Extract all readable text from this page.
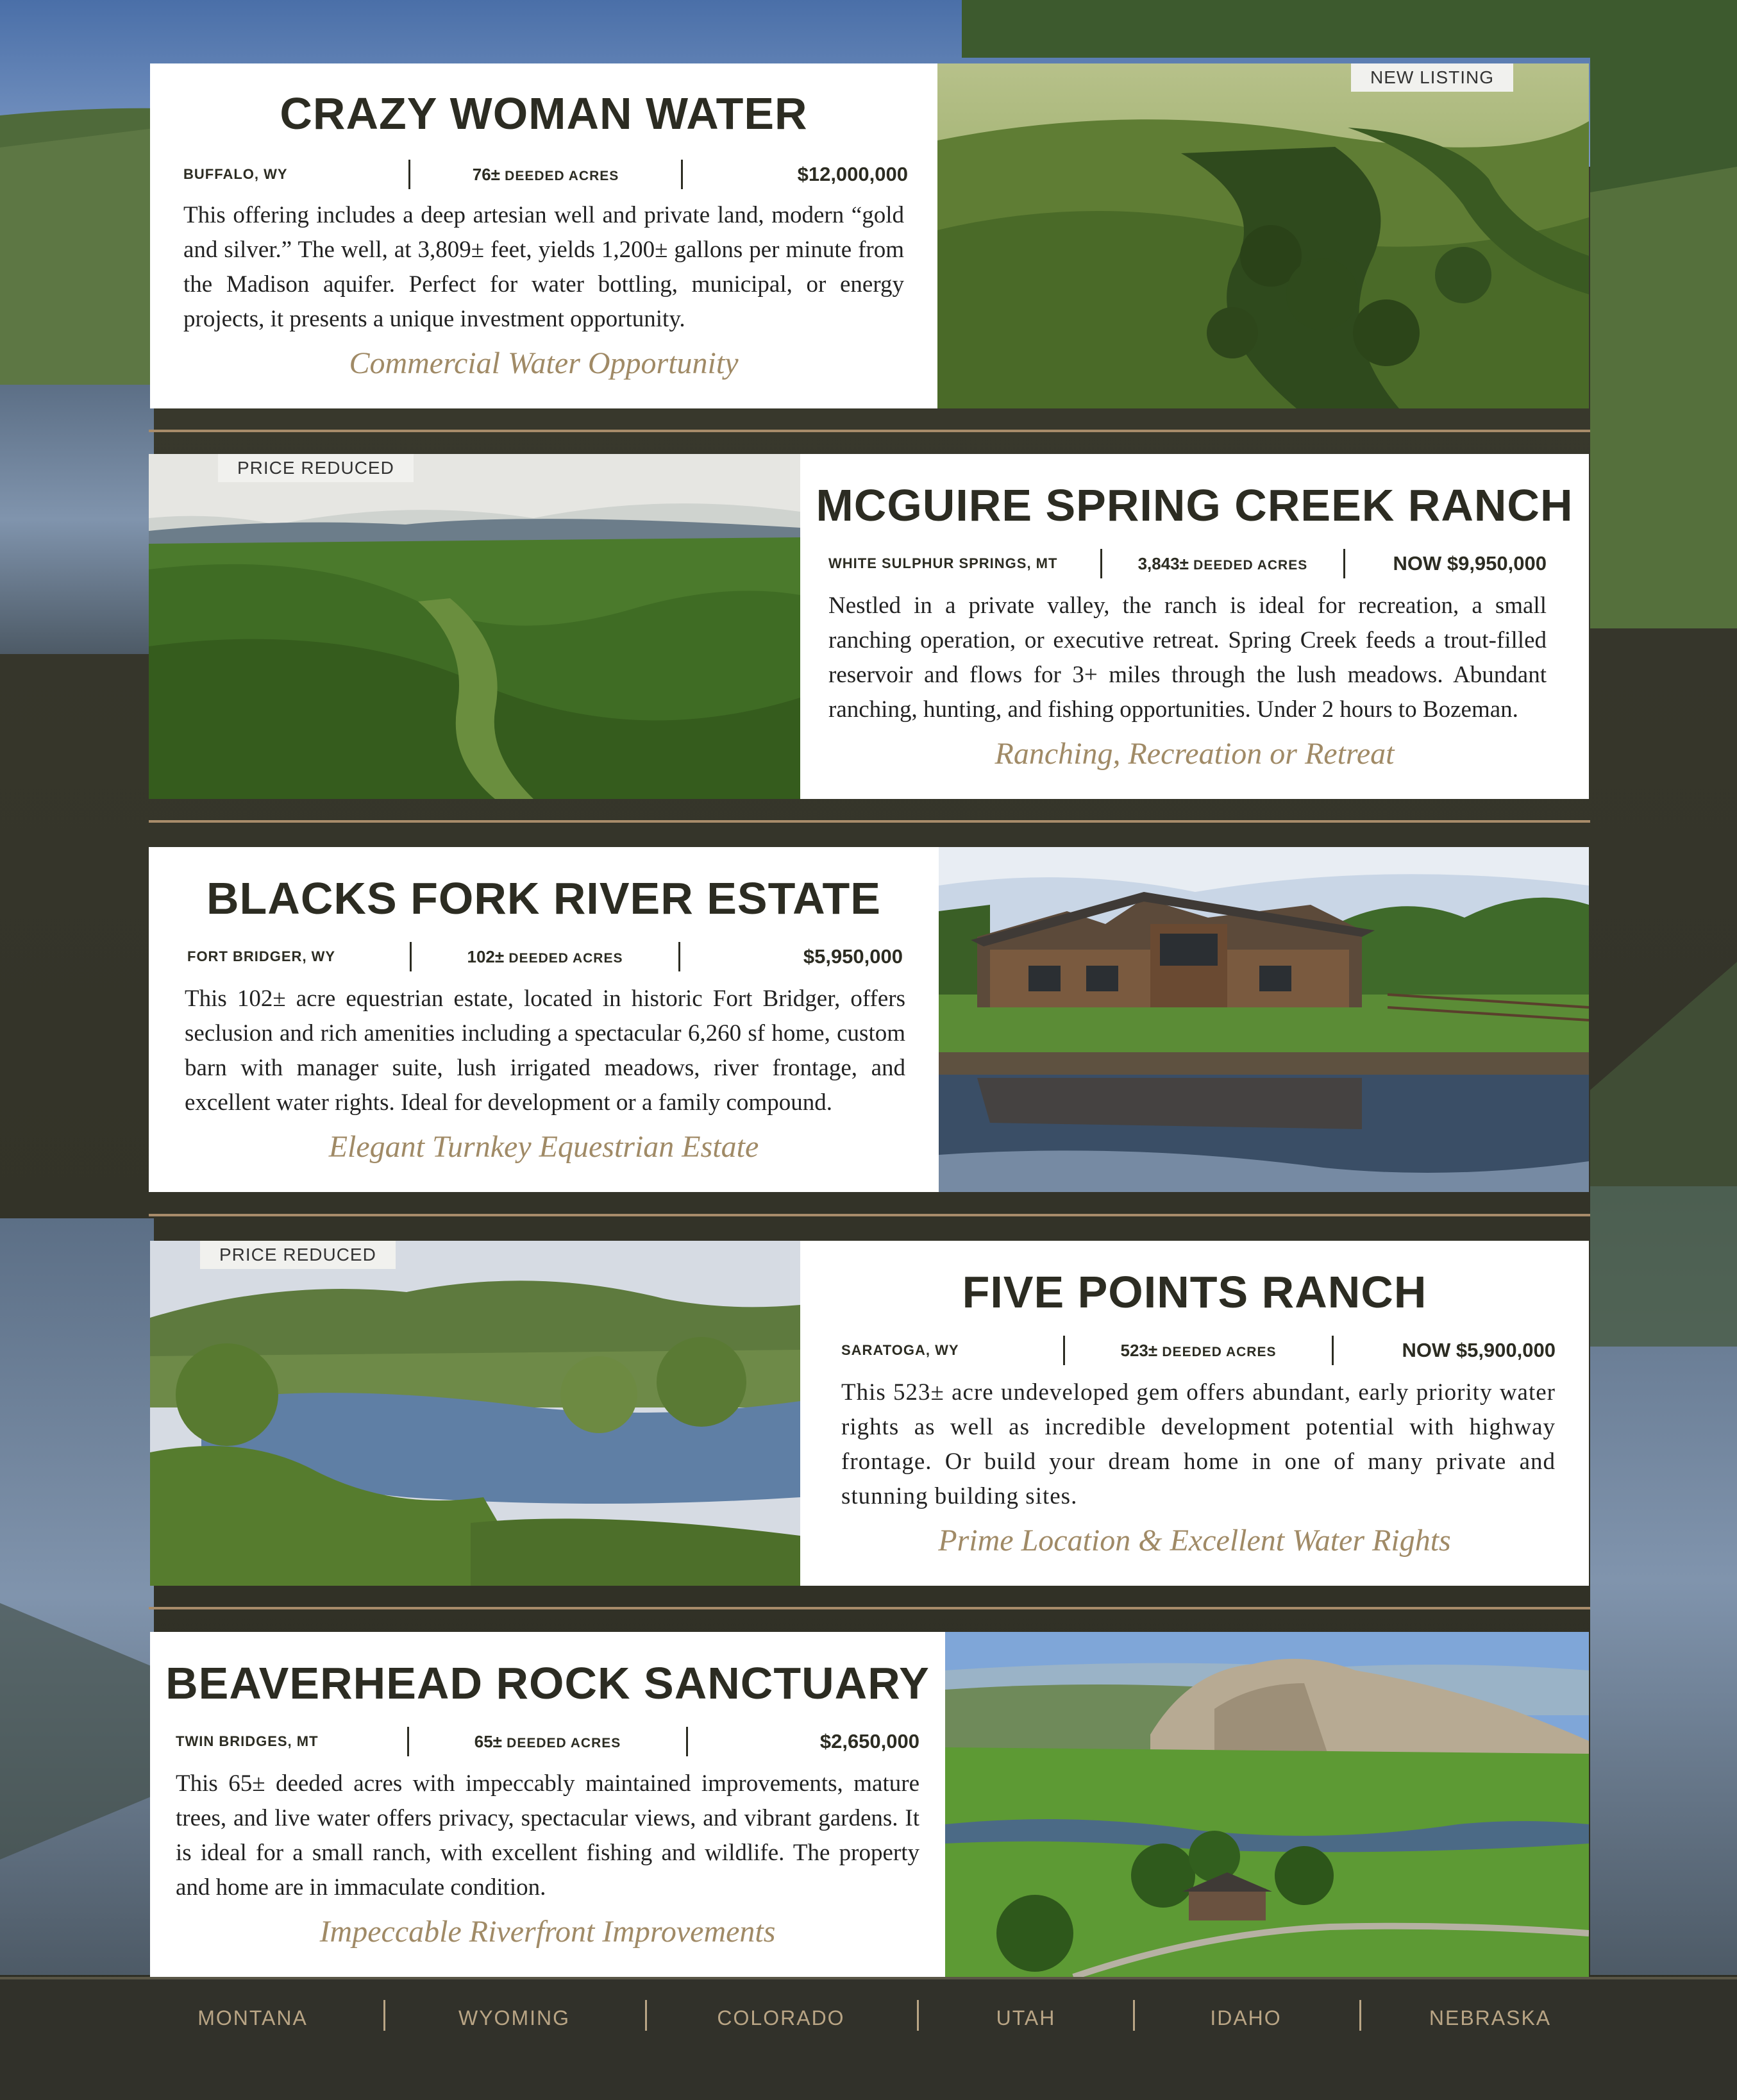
CRAZY WOMAN WATER
BUFFALO, WY	76± DEEDED ACRES	$12,000,000

This offering includes a deep artesian well and private land, modern “gold and silver.” The well, at 3,809± feet, yields 1,200± gallons per minute from the Madison aquifer. Perfect for water bottling, municipal, or energy projects, it presents a unique investment opportunity.

Commercial Water Opportunity

NEW LISTING
PRICE REDUCED
MCGUIRE SPRING CREEK RANCH
WHITE SULPHUR SPRINGS, MT	3,843± DEEDED ACRES	NOW $9,950,000

Nestled in a private valley, the ranch is ideal for recreation, a small ranching operation, or executive retreat. Spring Creek feeds a trout-filled reservoir and flows for 3+ miles through the lush meadows. Abundant ranching, hunting, and fishing opportunities. Under 2 hours to Bozeman.

Ranching, Recreation or Retreat

BLACKS FORK RIVER ESTATE
FORT BRIDGER, WY	102± DEEDED ACRES	$5,950,000

This 102± acre equestrian estate, located in historic Fort Bridger, offers seclusion and rich amenities including a spectacular 6,260 sf home, custom barn with manager suite, lush irrigated meadows, river frontage, and excellent water rights. Ideal for development or a family compound.

Elegant Turnkey Equestrian Estate

PRICE REDUCED
FIVE POINTS RANCH
SARATOGA, WY	523± DEEDED ACRES	NOW $5,900,000

This 523± acre undeveloped gem offers abundant, early priority water rights as well as incredible development potential with highway frontage. Or build your dream home in one of many private and stunning building sites.

Prime Location & Excellent Water Rights

BEAVERHEAD ROCK SANCTUARY
TWIN BRIDGES, MT	65± DEEDED ACRES	$2,650,000

This 65± deeded acres with impeccably maintained improvements, mature trees, and live water offers privacy, spectacular views, and vibrant gardens. It is ideal for a small ranch, with excellent fishing and wildlife. The property and home are in immaculate condition.

Impeccable Riverfront Improvements

MONTANA	WYOMING	COLORADO	UTAH	IDAHO	NEBRASKA
